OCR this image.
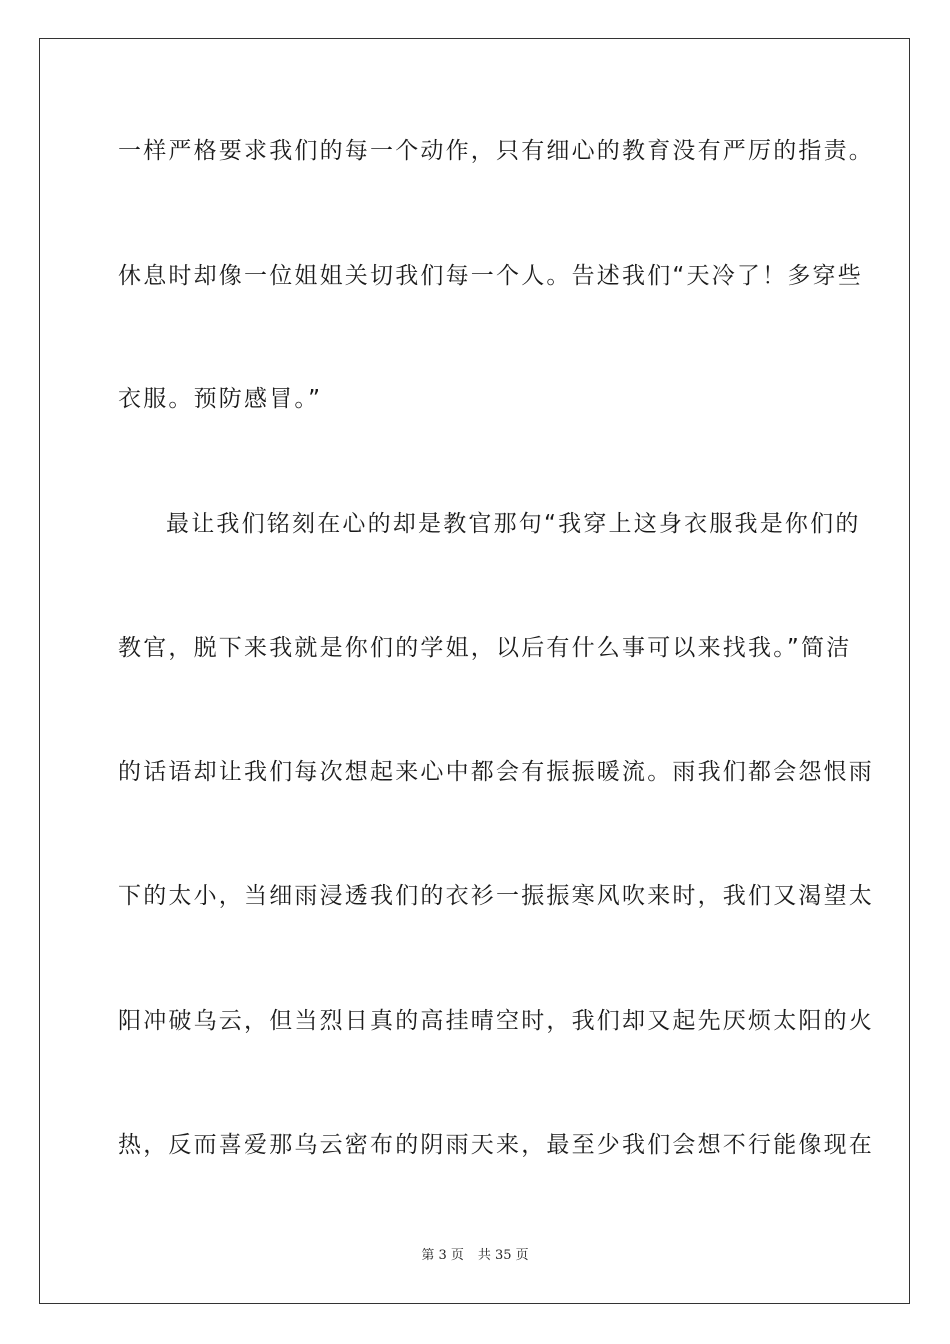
一样严格要求我们的每一个动作，只有细心的教育没有严厉的指责。
休息时却像一位姐姐关切我们每一个人。告述我们“天冷了！多穿些
衣服。预防感冒。”
最让我们铭刻在心的却是教官那句“我穿上这身衣服我是你们的
教官，脱下来我就是你们的学姐，以后有什么事可以来找我。”简洁
的话语却让我们每次想起来心中都会有振振暖流。雨我们都会怨恨雨
下的太小，当细雨浸透我们的衣衫一振振寒风吹来时，我们又渴望太
阳冲破乌云，但当烈日真的高挂晴空时，我们却又起先厌烦太阳的火
热，反而喜爱那乌云密布的阴雨天来，最至少我们会想不行能像现在
第 3 页 共 35 页
